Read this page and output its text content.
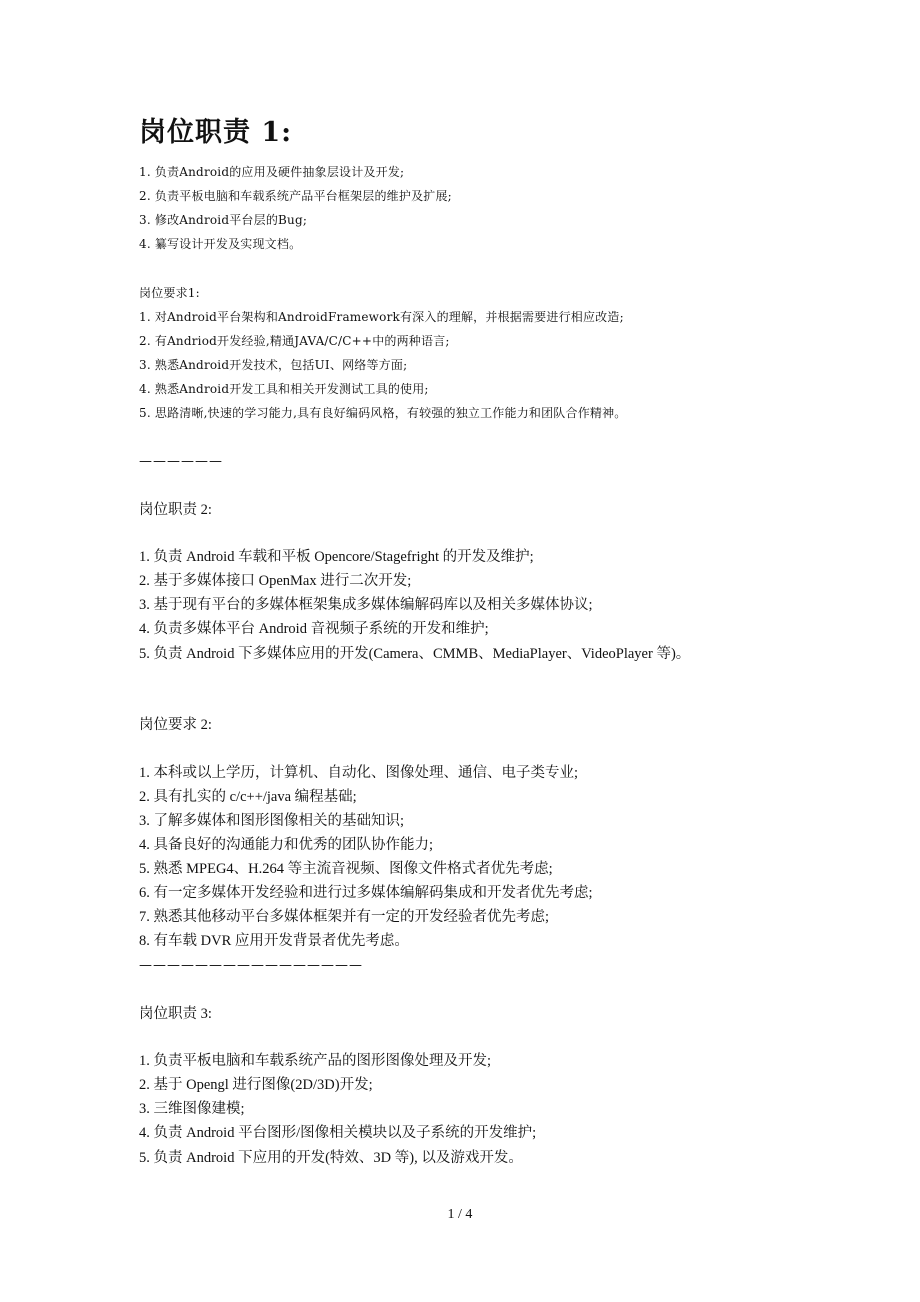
岗位职责 1:

1. 负责Android的应用及硬件抽象层设计及开发;

2. 负责平板电脑和车载系统产品平台框架层的维护及扩展;

3. 修改Android平台层的Bug;

4. 纂写设计开发及实现文档。

岗位要求1:

1. 对Android平台架构和AndroidFramework有深入的理解，并根据需要进行相应改造;

2. 有Andriod开发经验,精通JAVA/C/C++中的两种语言;

3. 熟悉Android开发技术，包括UI、网络等方面;

4. 熟悉Android开发工具和相关开发测试工具的使用;

5. 思路清晰,快速的学习能力,具有良好编码风格，有较强的独立工作能力和团队合作精神。

——————

岗位职责 2:

1. 负责 Android 车载和平板 Opencore/Stagefright 的开发及维护;

2. 基于多媒体接口 OpenMax 进行二次开发;

3. 基于现有平台的多媒体框架集成多媒体编解码库以及相关多媒体协议;

4. 负责多媒体平台 Android 音视频子系统的开发和维护;

5. 负责 Android 下多媒体应用的开发(Camera、CMMB、MediaPlayer、VideoPlayer 等)。

岗位要求 2:

1. 本科或以上学历，计算机、自动化、图像处理、通信、电子类专业;

2. 具有扎实的 c/c++/java 编程基础;

3. 了解多媒体和图形图像相关的基础知识;

4. 具备良好的沟通能力和优秀的团队协作能力;

5. 熟悉 MPEG4、H.264 等主流音视频、图像文件格式者优先考虑;

6. 有一定多媒体开发经验和进行过多媒体编解码集成和开发者优先考虑;

7. 熟悉其他移动平台多媒体框架并有一定的开发经验者优先考虑;

8. 有车载 DVR 应用开发背景者优先考虑。

————————————————

岗位职责 3:

1. 负责平板电脑和车载系统产品的图形图像处理及开发;

2. 基于 Opengl 进行图像(2D/3D)开发;

3. 三维图像建模;

4. 负责 Android 平台图形/图像相关模块以及子系统的开发维护;

5. 负责 Android 下应用的开发(特效、3D 等), 以及游戏开发。

1 / 4
